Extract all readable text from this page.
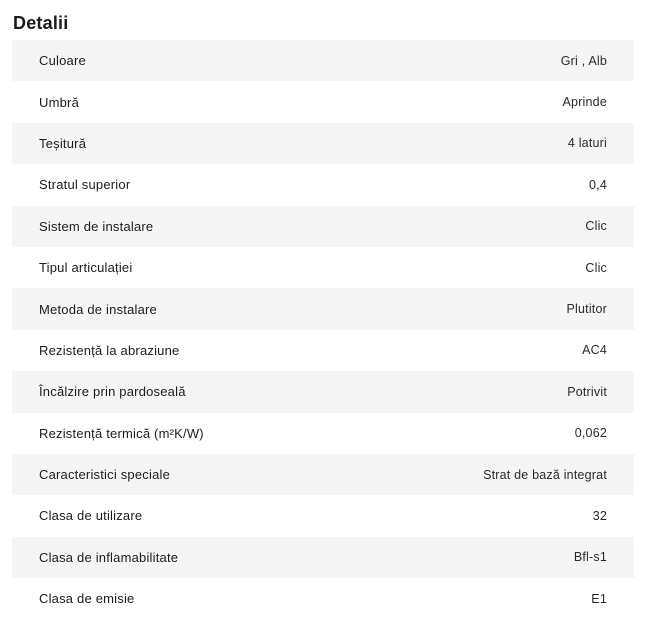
Detalii
Culoare	Gri , Alb
Umbră	Aprinde
Teșitură	4 laturi
Stratul superior	0,4
Sistem de instalare	Clic
Tipul articulației	Clic
Metoda de instalare	Plutitor
Rezistență la abraziune	AC4
Încălzire prin pardoseală	Potrivit
Rezistență termică (m²K/W)	0,062
Caracteristici speciale	Strat de bază integrat
Clasa de utilizare	32
Clasa de inflamabilitate	Bfl-s1
Clasa de emisie	E1
